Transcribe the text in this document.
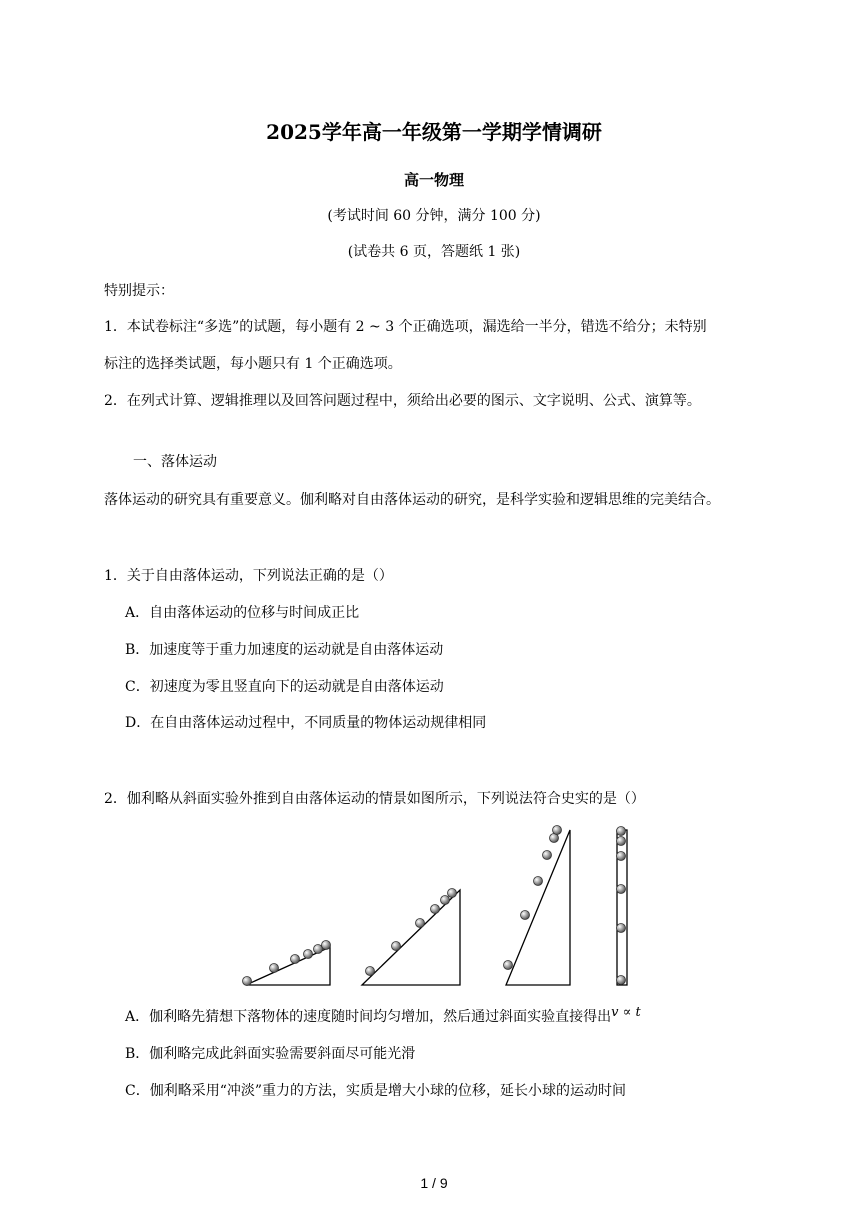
2025学年高一年级第一学期学情调研
高一物理
(考试时间 60 分钟，满分 100 分)
(试卷共 6 页，答题纸 1 张)
特别提示：
1．本试卷标注“多选”的试题，每小题有 2 ~ 3 个正确选项，漏选给一半分，错选不给分；未特别
标注的选择类试题，每小题只有 1 个正确选项。
2．在列式计算、逻辑推理以及回答问题过程中，须给出必要的图示、文字说明、公式、演算等。
一、落体运动
落体运动的研究具有重要意义。伽利略对自由落体运动的研究，是科学实验和逻辑思维的完美结合。
1．关于自由落体运动，下列说法正确的是（）
A．自由落体运动的位移与时间成正比
B．加速度等于重力加速度的运动就是自由落体运动
C．初速度为零且竖直向下的运动就是自由落体运动
D．在自由落体运动过程中，不同质量的物体运动规律相同
2．伽利略从斜面实验外推到自由落体运动的情景如图所示，下列说法符合史实的是（）
A．伽利略先猜想下落物体的速度随时间均匀增加，然后通过斜面实验直接得出v ∝ t
B．伽利略完成此斜面实验需要斜面尽可能光滑
C．伽利略采用“冲淡”重力的方法，实质是增大小球的位移，延长小球的运动时间
1 / 9
